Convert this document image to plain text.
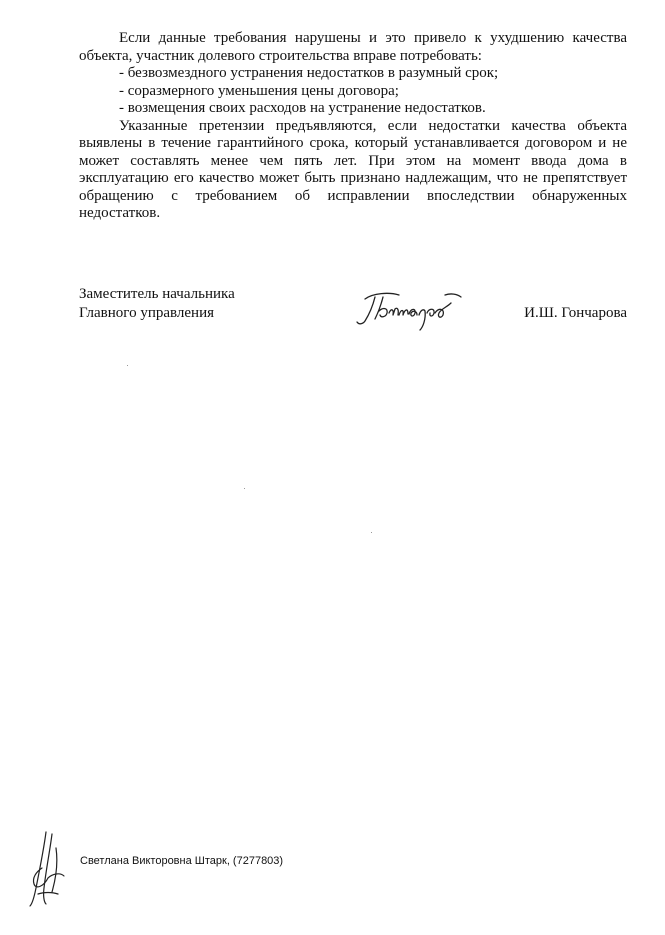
Если данные требования нарушены и это привело к ухудшению качества объекта, участник долевого строительства вправе потребовать:

- безвозмездного устранения недостатков в разумный срок;
- соразмерного уменьшения цены договора;
- возмещения своих расходов на устранение недостатков.

Указанные претензии предъявляются, если недостатки качества объекта выявлены в течение гарантийного срока, который устанавливается договором и не может составлять менее чем пять лет. При этом на момент ввода дома в эксплуатацию его качество может быть признано надлежащим, что не препятствует обращению с требованием об исправлении впоследствии обнаруженных недостатков.

Заместитель начальника
Главного управления	И.Ш. Гончарова
Светлана Викторовна Штарк, (7277803)
